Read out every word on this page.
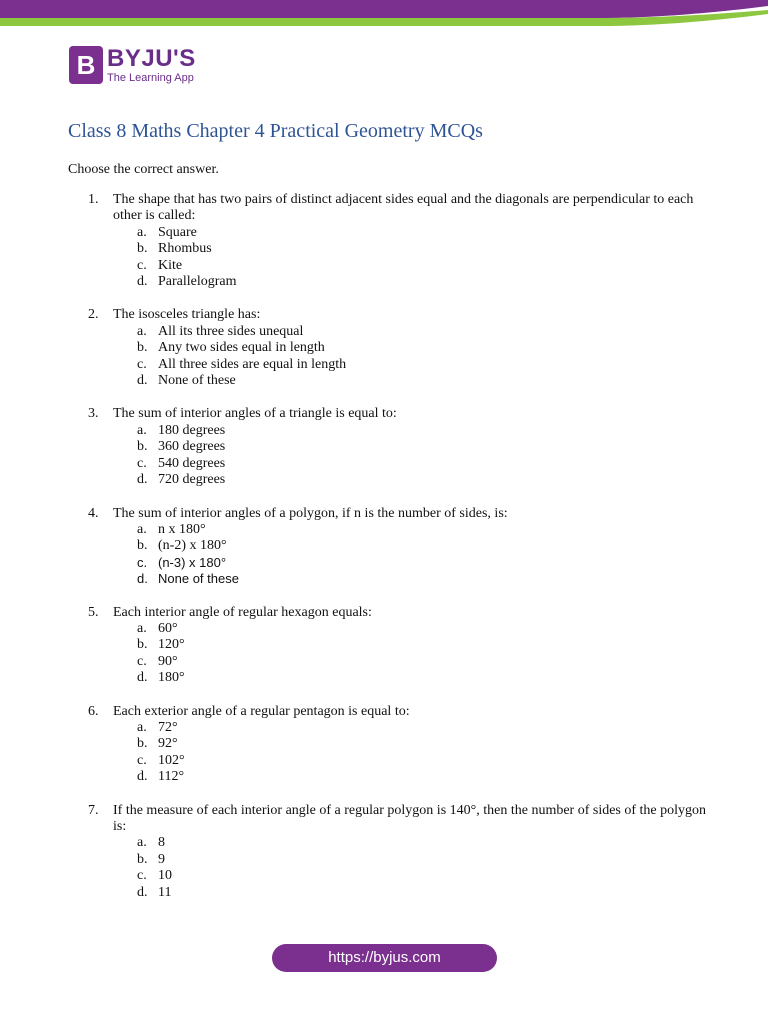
B BYJU'S
The Learning App
Class 8 Maths Chapter 4 Practical Geometry MCQs
Choose the correct answer.
1. The shape that has two pairs of distinct adjacent sides equal and the diagonals are perpendicular to each other is called:
a. Square
b. Rhombus
c. Kite
d. Parallelogram
2. The isosceles triangle has:
a. All its three sides unequal
b. Any two sides equal in length
c. All three sides are equal in length
d. None of these
3. The sum of interior angles of a triangle is equal to:
a. 180 degrees
b. 360 degrees
c. 540 degrees
d. 720 degrees
4. The sum of interior angles of a polygon, if n is the number of sides, is:
a. n x 180°
b. (n-2) x 180°
c. (n-3) x 180°
d. None of these
5. Each interior angle of regular hexagon equals:
a. 60°
b. 120°
c. 90°
d. 180°
6. Each exterior angle of a regular pentagon is equal to:
a. 72°
b. 92°
c. 102°
d. 112°
7. If the measure of each interior angle of a regular polygon is 140°, then the number of sides of the polygon is:
a. 8
b. 9
c. 10
d. 11
https://byjus.com
